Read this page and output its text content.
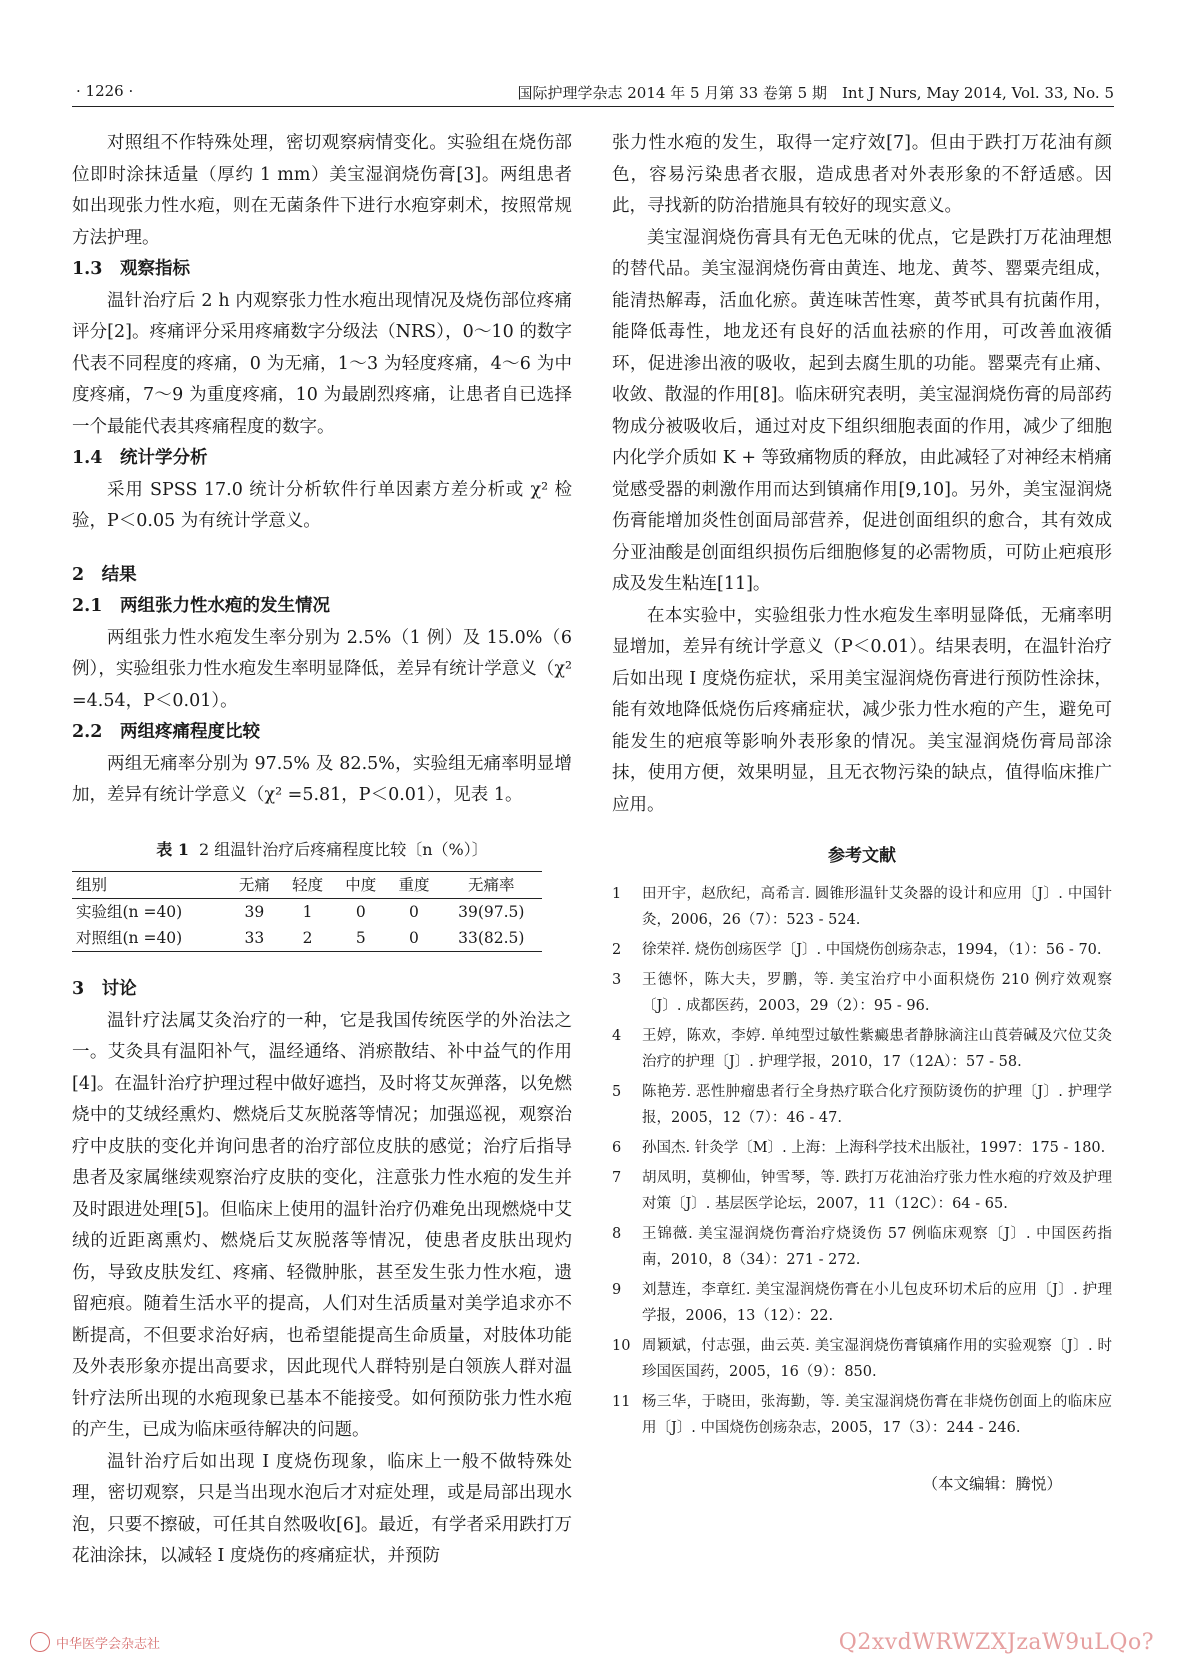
· 1226 ·	国际护理学杂志 2014 年 5 月第 33 卷第 5 期　Int J Nurs, May 2014, Vol. 33, No. 5

对照组不作特殊处理，密切观察病情变化。实验组在烧伤部位即时涂抹适量（厚约 1 mm）美宝湿润烧伤膏[3]。两组患者如出现张力性水疱，则在无菌条件下进行水疱穿刺术，按照常规方法护理。

1.3　观察指标

温针治疗后 2 h 内观察张力性水疱出现情况及烧伤部位疼痛评分[2]。疼痛评分采用疼痛数字分级法（NRS），0～10 的数字代表不同程度的疼痛，0 为无痛，1～3 为轻度疼痛，4～6 为中度疼痛，7～9 为重度疼痛，10 为最剧烈疼痛，让患者自已选择一个最能代表其疼痛程度的数字。

1.4　统计学分析

采用 SPSS 17.0 统计分析软件行单因素方差分析或 χ² 检验，P＜0.05 为有统计学意义。

2　结果
2.1　两组张力性水疱的发生情况

两组张力性水疱发生率分别为 2.5%（1 例）及 15.0%（6 例），实验组张力性水疱发生率明显降低，差异有统计学意义（χ² =4.54，P＜0.01）。

2.2　两组疼痛程度比较

两组无痛率分别为 97.5% 及 82.5%，实验组无痛率明显增加，差异有统计学意义（χ² =5.81，P＜0.01），见表 1。

表 1 2 组温针治疗后疼痛程度比较〔n（%）〕
组别	无痛	轻度	中度	重度	无痛率
实验组(n =40)	39	1	0	0	39(97.5)
对照组(n =40)	33	2	5	0	33(82.5)
3　讨论

温针疗法属艾灸治疗的一种，它是我国传统医学的外治法之一。艾灸具有温阳补气，温经通络、消瘀散结、补中益气的作用[4]。在温针治疗护理过程中做好遮挡，及时将艾灰弹落，以免燃烧中的艾绒经熏灼、燃烧后艾灰脱落等情况；加强巡视，观察治疗中皮肤的变化并询问患者的治疗部位皮肤的感觉；治疗后指导患者及家属继续观察治疗皮肤的变化，注意张力性水疱的发生并及时跟进处理[5]。但临床上使用的温针治疗仍难免出现燃烧中艾绒的近距离熏灼、燃烧后艾灰脱落等情况，使患者皮肤出现灼伤，导致皮肤发红、疼痛、轻微肿胀，甚至发生张力性水疱，遗留疤痕。随着生活水平的提高，人们对生活质量对美学追求亦不断提高，不但要求治好病，也希望能提高生命质量，对肢体功能及外表形象亦提出高要求，因此现代人群特别是白领族人群对温针疗法所出现的水疱现象已基本不能接受。如何预防张力性水疱的产生，已成为临床亟待解决的问题。

温针治疗后如出现 I 度烧伤现象，临床上一般不做特殊处理，密切观察，只是当出现水泡后才对症处理，或是局部出现水泡，只要不擦破，可任其自然吸收[6]。最近，有学者采用跌打万花油涂抹，以减轻 I 度烧伤的疼痛症状，并预防

张力性水疱的发生，取得一定疗效[7]。但由于跌打万花油有颜色，容易污染患者衣服，造成患者对外表形象的不舒适感。因此，寻找新的防治措施具有较好的现实意义。

美宝湿润烧伤膏具有无色无味的优点，它是跌打万花油理想的替代品。美宝湿润烧伤膏由黄连、地龙、黄芩、罂粟壳组成，能清热解毒，活血化瘀。黄连味苦性寒，黄芩甙具有抗菌作用，能降低毒性，地龙还有良好的活血祛瘀的作用，可改善血液循环，促进渗出液的吸收，起到去腐生肌的功能。罂粟壳有止痛、收敛、散湿的作用[8]。临床研究表明，美宝湿润烧伤膏的局部药物成分被吸收后，通过对皮下组织细胞表面的作用，减少了细胞内化学介质如 K + 等致痛物质的释放，由此减轻了对神经末梢痛觉感受器的刺激作用而达到镇痛作用[9,10]。另外，美宝湿润烧伤膏能增加炎性创面局部营养，促进创面组织的愈合，其有效成分亚油酸是创面组织损伤后细胞修复的必需物质，可防止疤痕形成及发生粘连[11]。

在本实验中，实验组张力性水疱发生率明显降低，无痛率明显增加，差异有统计学意义（P＜0.01）。结果表明，在温针治疗后如出现 I 度烧伤症状，采用美宝湿润烧伤膏进行预防性涂抹，能有效地降低烧伤后疼痛症状，减少张力性水疱的产生，避免可能发生的疤痕等影响外表形象的情况。美宝湿润烧伤膏局部涂抹，使用方便，效果明显，且无衣物污染的缺点，值得临床推广应用。

参考文献
1	田开宇，赵欣纪，高希言. 圆锥形温针艾灸器的设计和应用〔J〕. 中国针灸，2006，26（7）：523 - 524.
2	徐荣祥. 烧伤创疡医学〔J〕. 中国烧伤创疡杂志，1994，（1）：56 - 70.
3	王德怀，陈大夫，罗鹏，等. 美宝治疗中小面积烧伤 210 例疗效观察〔J〕. 成都医药，2003，29（2）：95 - 96.
4	王婷，陈欢，李婷. 单纯型过敏性紫癜患者静脉滴注山莨菪碱及穴位艾灸治疗的护理〔J〕. 护理学报，2010，17（12A）：57 - 58.
5	陈艳芳. 恶性肿瘤患者行全身热疗联合化疗预防烫伤的护理〔J〕. 护理学报，2005，12（7）：46 - 47.
6	孙国杰. 针灸学〔M〕. 上海：上海科学技术出版社，1997：175 - 180.
7	胡凤明，莫柳仙，钟雪琴，等. 跌打万花油治疗张力性水疱的疗效及护理对策〔J〕. 基层医学论坛，2007，11（12C）：64 - 65.
8	王锦薇. 美宝湿润烧伤膏治疗烧烫伤 57 例临床观察〔J〕. 中国医药指南，2010，8（34）：271 - 272.
9	刘慧连，李章红. 美宝湿润烧伤膏在小儿包皮环切术后的应用〔J〕. 护理学报，2006，13（12）：22.
10 周颖斌，付志强，曲云英. 美宝湿润烧伤膏镇痛作用的实验观察〔J〕. 时珍国医国药，2005，16（9）：850.
11 杨三华，于晓田，张海勤，等. 美宝湿润烧伤膏在非烧伤创面上的临床应用〔J〕. 中国烧伤创疡杂志，2005，17（3）：244 - 246.
（本文编辑：腾悦）
中华医学会杂志社	Q2xvdWRWZXJzaW9uLQo?
